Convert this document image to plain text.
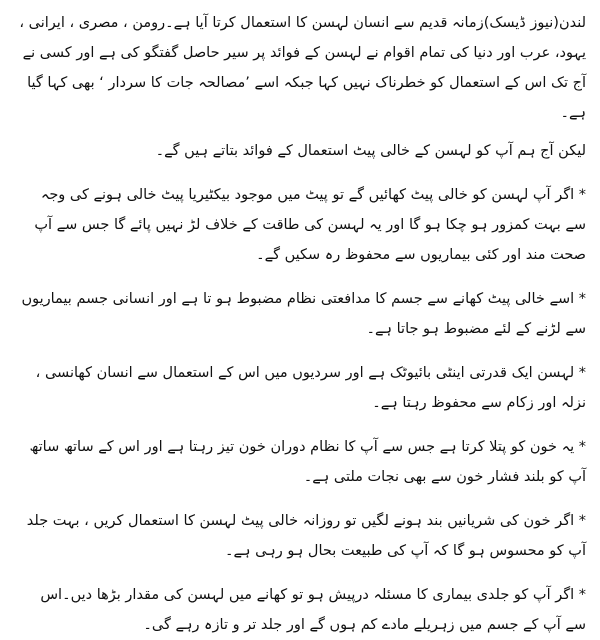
لندن(نیوز ڈیسک)زمانہ قدیم سے انسان لہسن کا استعمال کرتا آیا ہے۔رومن ، مصری ، ایرانی ، یہود، عرب اور دنیا کی تمام اقوام نے لہسن کے فوائد پر سیر حاصل گفتگو کی ہے اور کسی نے آج تک اس کے استعمال کو خطرناک نہیں کہا جبکہ اسے ’مصالحہ جات کا سردار ‘ بھی کہا گیا ہے۔

لیکن آج ہم آپ کو لہسن کے خالی پیٹ استعمال کے فوائد بتاتے ہیں گے۔

* اگر آپ لہسن کو خالی پیٹ کھائیں گے تو پیٹ میں موجود بیکٹیریا پیٹ خالی ہونے کی وجہ سے بہت کمزور ہو چکا ہو گا اور یہ لہسن کی طاقت کے خلاف لڑ نہیں پائے گا جس سے آپ صحت مند اور کئی بیماریوں سے محفوظ رہ سکیں گے۔

* اسے خالی پیٹ کھانے سے جسم کا مدافعتی نظام مضبوط ہو تا ہے اور انسانی جسم بیماریوں سے لڑنے کے لئے مضبوط ہو جاتا ہے۔

* لہسن ایک قدرتی اینٹی بائیوٹک ہے اور سردیوں میں اس کے استعمال سے انسان کھانسی ، نزلہ اور زکام سے محفوظ رہتا ہے۔

* یہ خون کو پتلا کرتا ہے جس سے آپ کا نظام دوران خون تیز رہتا ہے اور اس کے ساتھ ساتھ آپ کو بلند فشار خون سے بھی نجات ملتی ہے۔

* اگر خون کی شریانیں بند ہونے لگیں تو روزانہ خالی پیٹ لہسن کا استعمال کریں ، بہت جلد آپ کو محسوس ہو گا کہ آپ کی طبیعت بحال ہو رہی ہے۔

* اگر آپ کو جلدی بیماری کا مسئلہ درپیش ہو تو کھانے میں لہسن کی مقدار بڑھا دیں۔اس سے آپ کے جسم میں زہریلے مادے کم ہوں گے اور جلد تر و تازہ رہے گی۔
